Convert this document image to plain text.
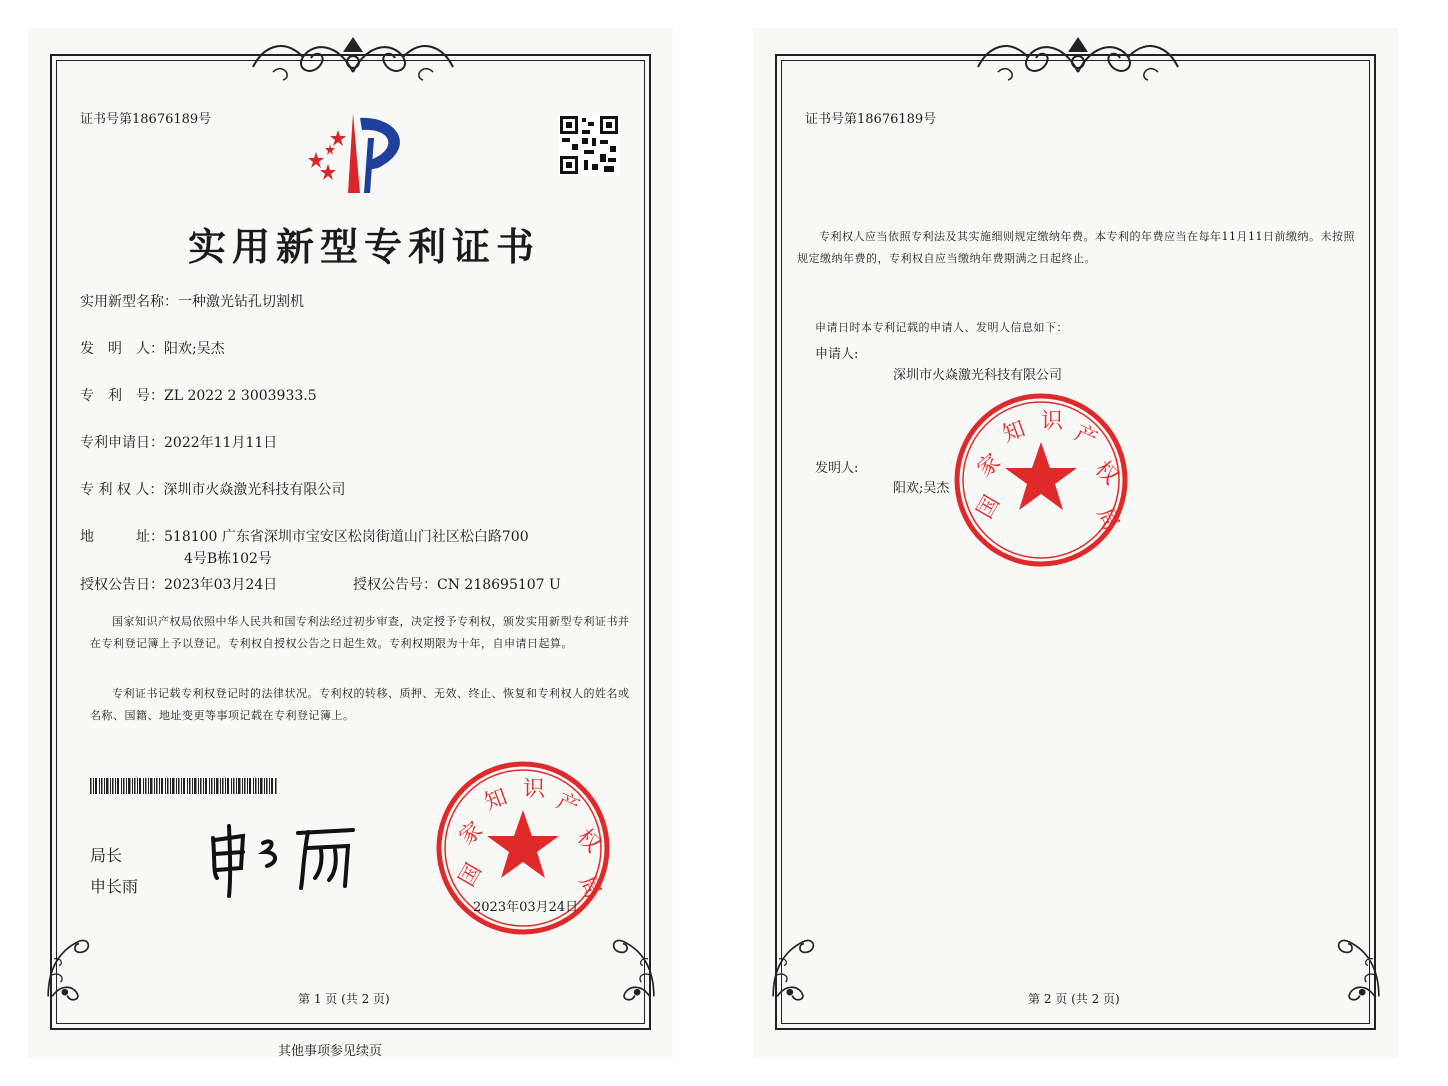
证书号第18676189号
实用新型专利证书
实用新型名称：一种激光钻孔切割机
发　明　人：阳欢;吴杰
专　利　号：ZL 2022 2 3003933.5
专利申请日：2022年11月11日
专 利 权 人：深圳市火焱激光科技有限公司
地　　　址：518100 广东省深圳市宝安区松岗街道山门社区松白路700
4号B栋102号
授权公告日：2023年03月24日	授权公告号：CN 218695107 U
国家知识产权局依照中华人民共和国专利法经过初步审查，决定授予专利权，颁发实用新型专利证书并在专利登记簿上予以登记。专利权自授权公告之日起生效。专利权期限为十年，自申请日起算。
专利证书记载专利权登记时的法律状况。专利权的转移、质押、无效、终止、恢复和专利权人的姓名或名称、国籍、地址变更等事项记载在专利登记簿上。
局长
申长雨	国
家
知 识 产
权
局
2023年03月24日
第 1 页 (共 2 页)
其他事项参见续页
证书号第18676189号
专利权人应当依照专利法及其实施细则规定缴纳年费。本专利的年费应当在每年11月11日前缴纳。未按照规定缴纳年费的，专利权自应当缴纳年费期满之日起终止。
申请日时本专利记载的申请人、发明人信息如下：
申请人:
深圳市火焱激光科技有限公司
发明人:
阳欢;吴杰
国
家
知 识 产
权
局
第 2 页 (共 2 页)
